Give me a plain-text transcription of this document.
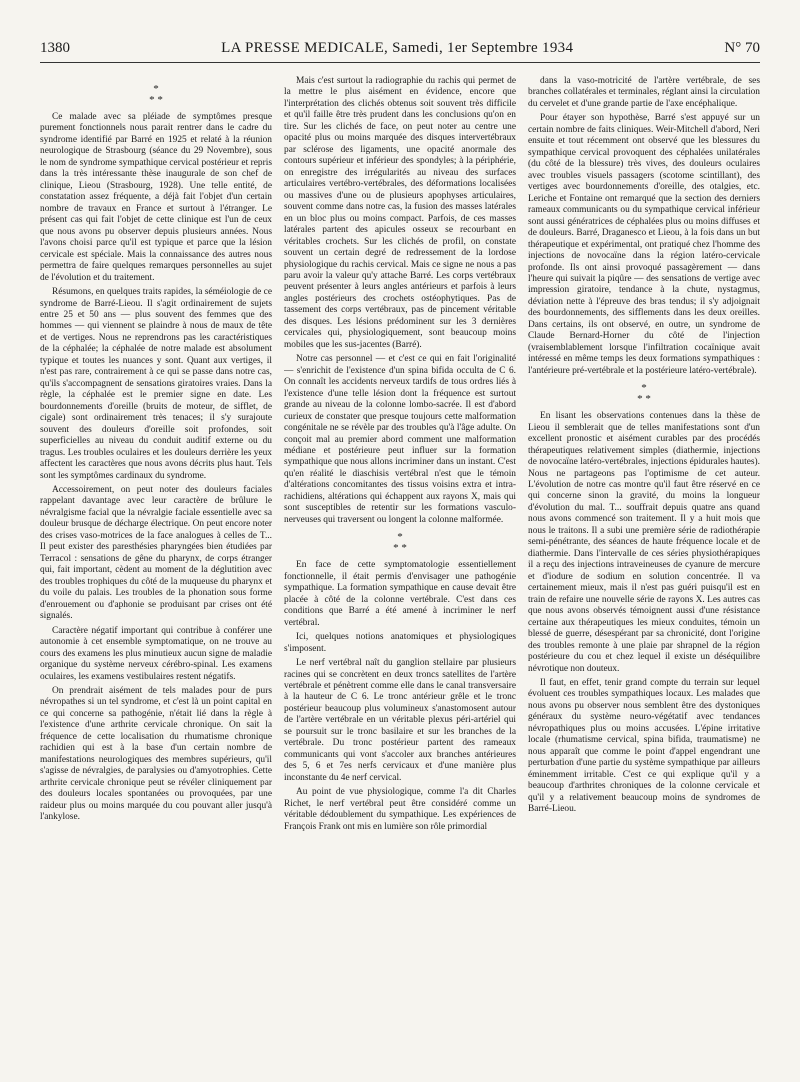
1380	LA PRESSE MEDICALE, Samedi, 1er Septembre 1934	N° 70
*
* *

Ce malade avec sa pléiade de symptômes presque purement fonctionnels nous parait rentrer dans le cadre du syndrome identifié par Barré en 1925 et relaté à la réunion neurologique de Strasbourg (séance du 29 Novembre), sous le nom de syndrome sympathique cervical postérieur et repris dans la très intéressante thèse inaugurale de son chef de clinique, Lieou (Strasbourg, 1928). Une telle entité, de constatation assez fréquente, a déjà fait l'objet d'un certain nombre de travaux en France et surtout à l'étranger. Le présent cas qui fait l'objet de cette clinique est l'un de ceux que nous avons pu observer depuis plusieurs années. Nous l'avons choisi parce qu'il est typique et parce que la lésion cervicale est spéciale. Mais la connaissance des autres nous permettra de faire quelques remarques personnelles au sujet de l'évolution et du traitement.

Résumons, en quelques traits rapides, la séméiologie de ce syndrome de Barré-Lieou. Il s'agit ordinairement de sujets entre 25 et 50 ans — plus souvent des femmes que des hommes — qui viennent se plaindre à nous de maux de tête et de vertiges. Nous ne reprendrons pas les caractéristiques de la céphalée; la céphalée de notre malade est absolument typique et toutes les nuances y sont. Quant aux vertiges, il n'est pas rare, contrairement à ce qui se passe dans notre cas, qu'ils s'accompagnent de sensations giratoires vraies. Dans la règle, la céphalée est le premier signe en date. Les bourdonnements d'oreille (bruits de moteur, de sifflet, de cigale) sont ordinairement très tenaces; il s'y surajoute souvent des douleurs d'oreille soit profondes, soit superficielles au niveau du conduit auditif externe ou du tragus. Les troubles oculaires et les douleurs derrière les yeux affectent les caractères que nous avons décrits plus haut. Tels sont les symptômes cardinaux du syndrome.

Accessoirement, on peut noter des douleurs faciales rappelant davantage avec leur caractère de brûlure le névralgisme facial que la névralgie faciale essentielle avec sa douleur brusque de décharge électrique. On peut encore noter des crises vaso-motrices de la face analogues à celles de T... Il peut exister des paresthésies pharyngées bien étudiées par Terracol : sensations de gêne du pharynx, de corps étranger qui, fait important, cèdent au moment de la déglutition avec des troubles trophiques du côté de la muqueuse du pharynx et du voile du palais. Les troubles de la phonation sous forme d'enrouement ou d'aphonie se produisant par crises ont été signalés.

Caractère négatif important qui contribue à conférer une autonomie à cet ensemble symptomatique, on ne trouve au cours des examens les plus minutieux aucun signe de maladie organique du système nerveux cérébro-spinal. Les examens oculaires, les examens vestibulaires restent négatifs.

On prendrait aisément de tels malades pour de purs névropathes si un tel syndrome, et c'est là un point capital en ce qui concerne sa pathogénie, n'était lié dans la règle à l'existence d'une arthrite cervicale chronique. On sait la fréquence de cette localisation du rhumatisme chronique rachidien qui est à la base d'un certain nombre de manifestations neurologiques des membres supérieurs, qu'il s'agisse de névralgies, de paralysies ou d'amyotrophies. Cette arthrite cervicale chronique peut se révéler cliniquement par des douleurs locales spontanées ou provoquées, par une raideur plus ou moins marquée du cou pouvant aller jusqu'à l'ankylose.

Mais c'est surtout la radiographie du rachis qui permet de la mettre le plus aisément en évidence, encore que l'interprétation des clichés obtenus soit souvent très difficile et qu'il faille être très prudent dans les conclusions qu'on en tire. Sur les clichés de face, on peut noter au centre une opacité plus ou moins marquée des disques intervertébraux par sclérose des ligaments, une opacité anormale des contours supérieur et inférieur des spondyles; à la périphérie, on enregistre des irrégularités au niveau des surfaces articulaires vertébro-vertébrales, des déformations localisées ou massives d'une ou de plusieurs apophyses articulaires, souvent comme dans notre cas, la fusion des masses latérales en un bloc plus ou moins compact. Parfois, de ces masses latérales partent des apicules osseux se recourbant en véritables crochets. Sur les clichés de profil, on constate souvent un certain degré de redressement de la lordose physiologique du rachis cervical. Mais ce signe ne nous a pas paru avoir la valeur qu'y attache Barré. Les corps vertébraux peuvent présenter à leurs angles antérieurs et parfois à leurs angles postérieurs des crochets ostéophytiques. Pas de tassement des corps vertébraux, pas de pincement véritable des disques. Les lésions prédominent sur les 3 dernières cervicales qui, physiologiquement, sont beaucoup moins mobiles que les sus-jacentes (Barré).

Notre cas personnel — et c'est ce qui en fait l'originalité — s'enrichit de l'existence d'un spina bifida occulta de C 6. On connaît les accidents nerveux tardifs de tous ordres liés à l'existence d'une telle lésion dont la fréquence est surtout grande au niveau de la colonne lombo-sacrée. Il est d'abord curieux de constater que presque toujours cette malformation congénitale ne se révèle par des troubles qu'à l'âge adulte. On conçoit mal au premier abord comment une malformation médiane et postérieure peut influer sur la formation sympathique que nous allons incriminer dans un instant. C'est qu'en réalité le diaschisis vertébral n'est que le témoin d'altérations concomitantes des tissus voisins extra et intra-rachidiens, altérations qui échappent aux rayons X, mais qui sont susceptibles de retentir sur les formations vasculo-nerveuses qui traversent ou longent la colonne malformée.

*
* *

En face de cette symptomatologie essentiellement fonctionnelle, il était permis d'envisager une pathogénie sympathique. La formation sympathique en cause devait être placée à côté de la colonne vertébrale. C'est dans ces conditions que Barré a été amené à incriminer le nerf vertébral.

Ici, quelques notions anatomiques et physiologiques s'imposent.

Le nerf vertébral naît du ganglion stellaire par plusieurs racines qui se concrètent en deux troncs satellites de l'artère vertébrale et pénètrent comme elle dans le canal transversaire à la hauteur de C 6. Le tronc antérieur grêle et le tronc postérieur beaucoup plus volumineux s'anastomosent autour de l'artère vertébrale en un véritable plexus péri-artériel qui se poursuit sur le tronc basilaire et sur les branches de la vertébrale. Du tronc postérieur partent des rameaux communicants qui vont s'accoler aux branches antérieures des 5, 6 et 7es nerfs cervicaux et d'une manière plus inconstante du 4e nerf cervical.

Au point de vue physiologique, comme l'a dit Charles Richet, le nerf vertébral peut être considéré comme un véritable dédoublement du sympathique. Les expériences de François Frank ont mis en lumière son rôle primordial

dans la vaso-motricité de l'artère vertébrale, de ses branches collatérales et terminales, réglant ainsi la circulation du cervelet et d'une grande partie de l'axe encéphalique.

Pour étayer son hypothèse, Barré s'est appuyé sur un certain nombre de faits cliniques. Weir-Mitchell d'abord, Neri ensuite et tout récemment ont observé que les blessures du sympathique cervical provoquent des céphalées unilatérales (du côté de la blessure) très vives, des douleurs oculaires avec troubles visuels passagers (scotome scintillant), des vertiges avec bourdonnements d'oreille, des otalgies, etc. Leriche et Fontaine ont remarqué que la section des derniers rameaux communicants ou du sympathique cervical inférieur sont aussi génératrices de céphalées plus ou moins diffuses et de douleurs. Barré, Draganesco et Lieou, à la fois dans un but thérapeutique et expérimental, ont pratiqué chez l'homme des injections de novocaïne dans la région latéro-cervicale profonde. Ils ont ainsi provoqué passagèrement — dans l'heure qui suivait la piqûre — des sensations de vertige avec impression giratoire, tendance à la chute, nystagmus, déviation nette à l'épreuve des bras tendus; il s'y adjoignait des bourdonnements, des sifflements dans les deux oreilles. Dans certains, ils ont observé, en outre, un syndrome de Claude Bernard-Horner du côté de l'injection (vraisemblablement lorsque l'infiltration cocaïnique avait intéressé en même temps les deux formations sympathiques : l'antérieure pré-vertébrale et la postérieure latéro-vertébrale).

*
* *

En lisant les observations contenues dans la thèse de Lieou il semblerait que de telles manifestations sont d'un excellent pronostic et aisément curables par des procédés thérapeutiques relativement simples (diathermie, injections de novocaïne latéro-vertébrales, injections épidurales hautes). Nous ne partageons pas l'optimisme de cet auteur. L'évolution de notre cas montre qu'il faut être réservé en ce qui concerne sinon la gravité, du moins la longueur d'évolution du mal. T... souffrait depuis quatre ans quand nous avons commencé son traitement. Il y a huit mois que nous le traitons. Il a subi une première série de radiothérapie semi-pénétrante, des séances de haute fréquence locale et de diathermie. Dans l'intervalle de ces séries physiothérapiques il a reçu des injections intraveineuses de cyanure de mercure et d'iodure de sodium en solution concentrée. Il va certainement mieux, mais il n'est pas guéri puisqu'il est en train de refaire une nouvelle série de rayons X. Les autres cas que nous avons observés témoignent aussi d'une résistance certaine aux thérapeutiques les mieux conduites, témoin un blessé de guerre, désespérant par sa chronicité, dont l'origine des troubles remonte à une plaie par shrapnel de la région postérieure du cou et chez lequel il existe un déséquilibre névrotique non douteux.

Il faut, en effet, tenir grand compte du terrain sur lequel évoluent ces troubles sympathiques locaux. Les malades que nous avons pu observer nous semblent être des dystoniques généraux du système neuro-végétatif avec tendances névropathiques plus ou moins accusées. L'épine irritative locale (rhumatisme cervical, spina bifida, traumatisme) ne nous apparaît que comme le point d'appel engendrant une perturbation d'une partie du système sympathique par ailleurs éminemment irritable. C'est ce qui explique qu'il y a beaucoup d'arthrites chroniques de la colonne cervicale et qu'il y a relativement beaucoup moins de syndromes de Barré-Lieou.
